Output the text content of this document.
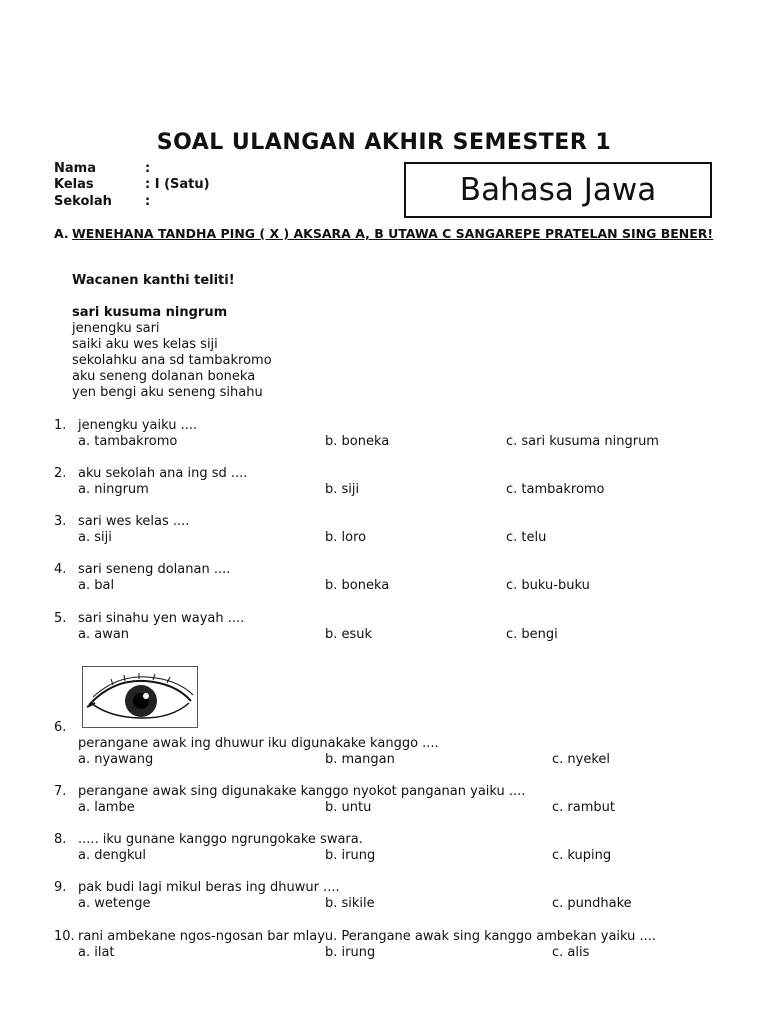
SOAL ULANGAN AKHIR SEMESTER 1
Nama	:
Kelas	: I (Satu)
Sekolah	:	Bahasa Jawa
A. WENEHANA TANDHA PING ( X ) AKSARA A, B UTAWA C SANGAREPE PRATELAN SING BENER!
Wacanen kanthi teliti!
sari kusuma ningrum
jenengku sari
saiki aku wes kelas siji
sekolahku ana sd tambakromo
aku seneng dolanan boneka
yen bengi aku seneng sihahu
1. jenengku yaiku ....
a. tambakromo	b. boneka	c. sari kusuma ningrum
2. aku sekolah ana ing sd ....
a. ningrum	b. siji	c. tambakromo
3. sari wes kelas ....
a. siji	b. loro	c. telu
4. sari seneng dolanan ....
a. bal	b. boneka	c. buku-buku
5. sari sinahu yen wayah ....
a. awan	b. esuk	c. bengi
6.
perangane awak ing dhuwur iku digunakake kanggo ....
a. nyawang	b. mangan	c. nyekel
7. perangane awak sing digunakake kanggo nyokot panganan yaiku ....
a. lambe	b. untu	c. rambut
8. ..... iku gunane kanggo ngrungokake swara.
a. dengkul	b. irung	c. kuping
9. pak budi lagi mikul beras ing dhuwur ....
a. wetenge	b. sikile	c. pundhake
10. rani ambekane ngos-ngosan bar mlayu. Perangane awak sing kanggo ambekan yaiku ....
a. ilat	b. irung	c. alis
